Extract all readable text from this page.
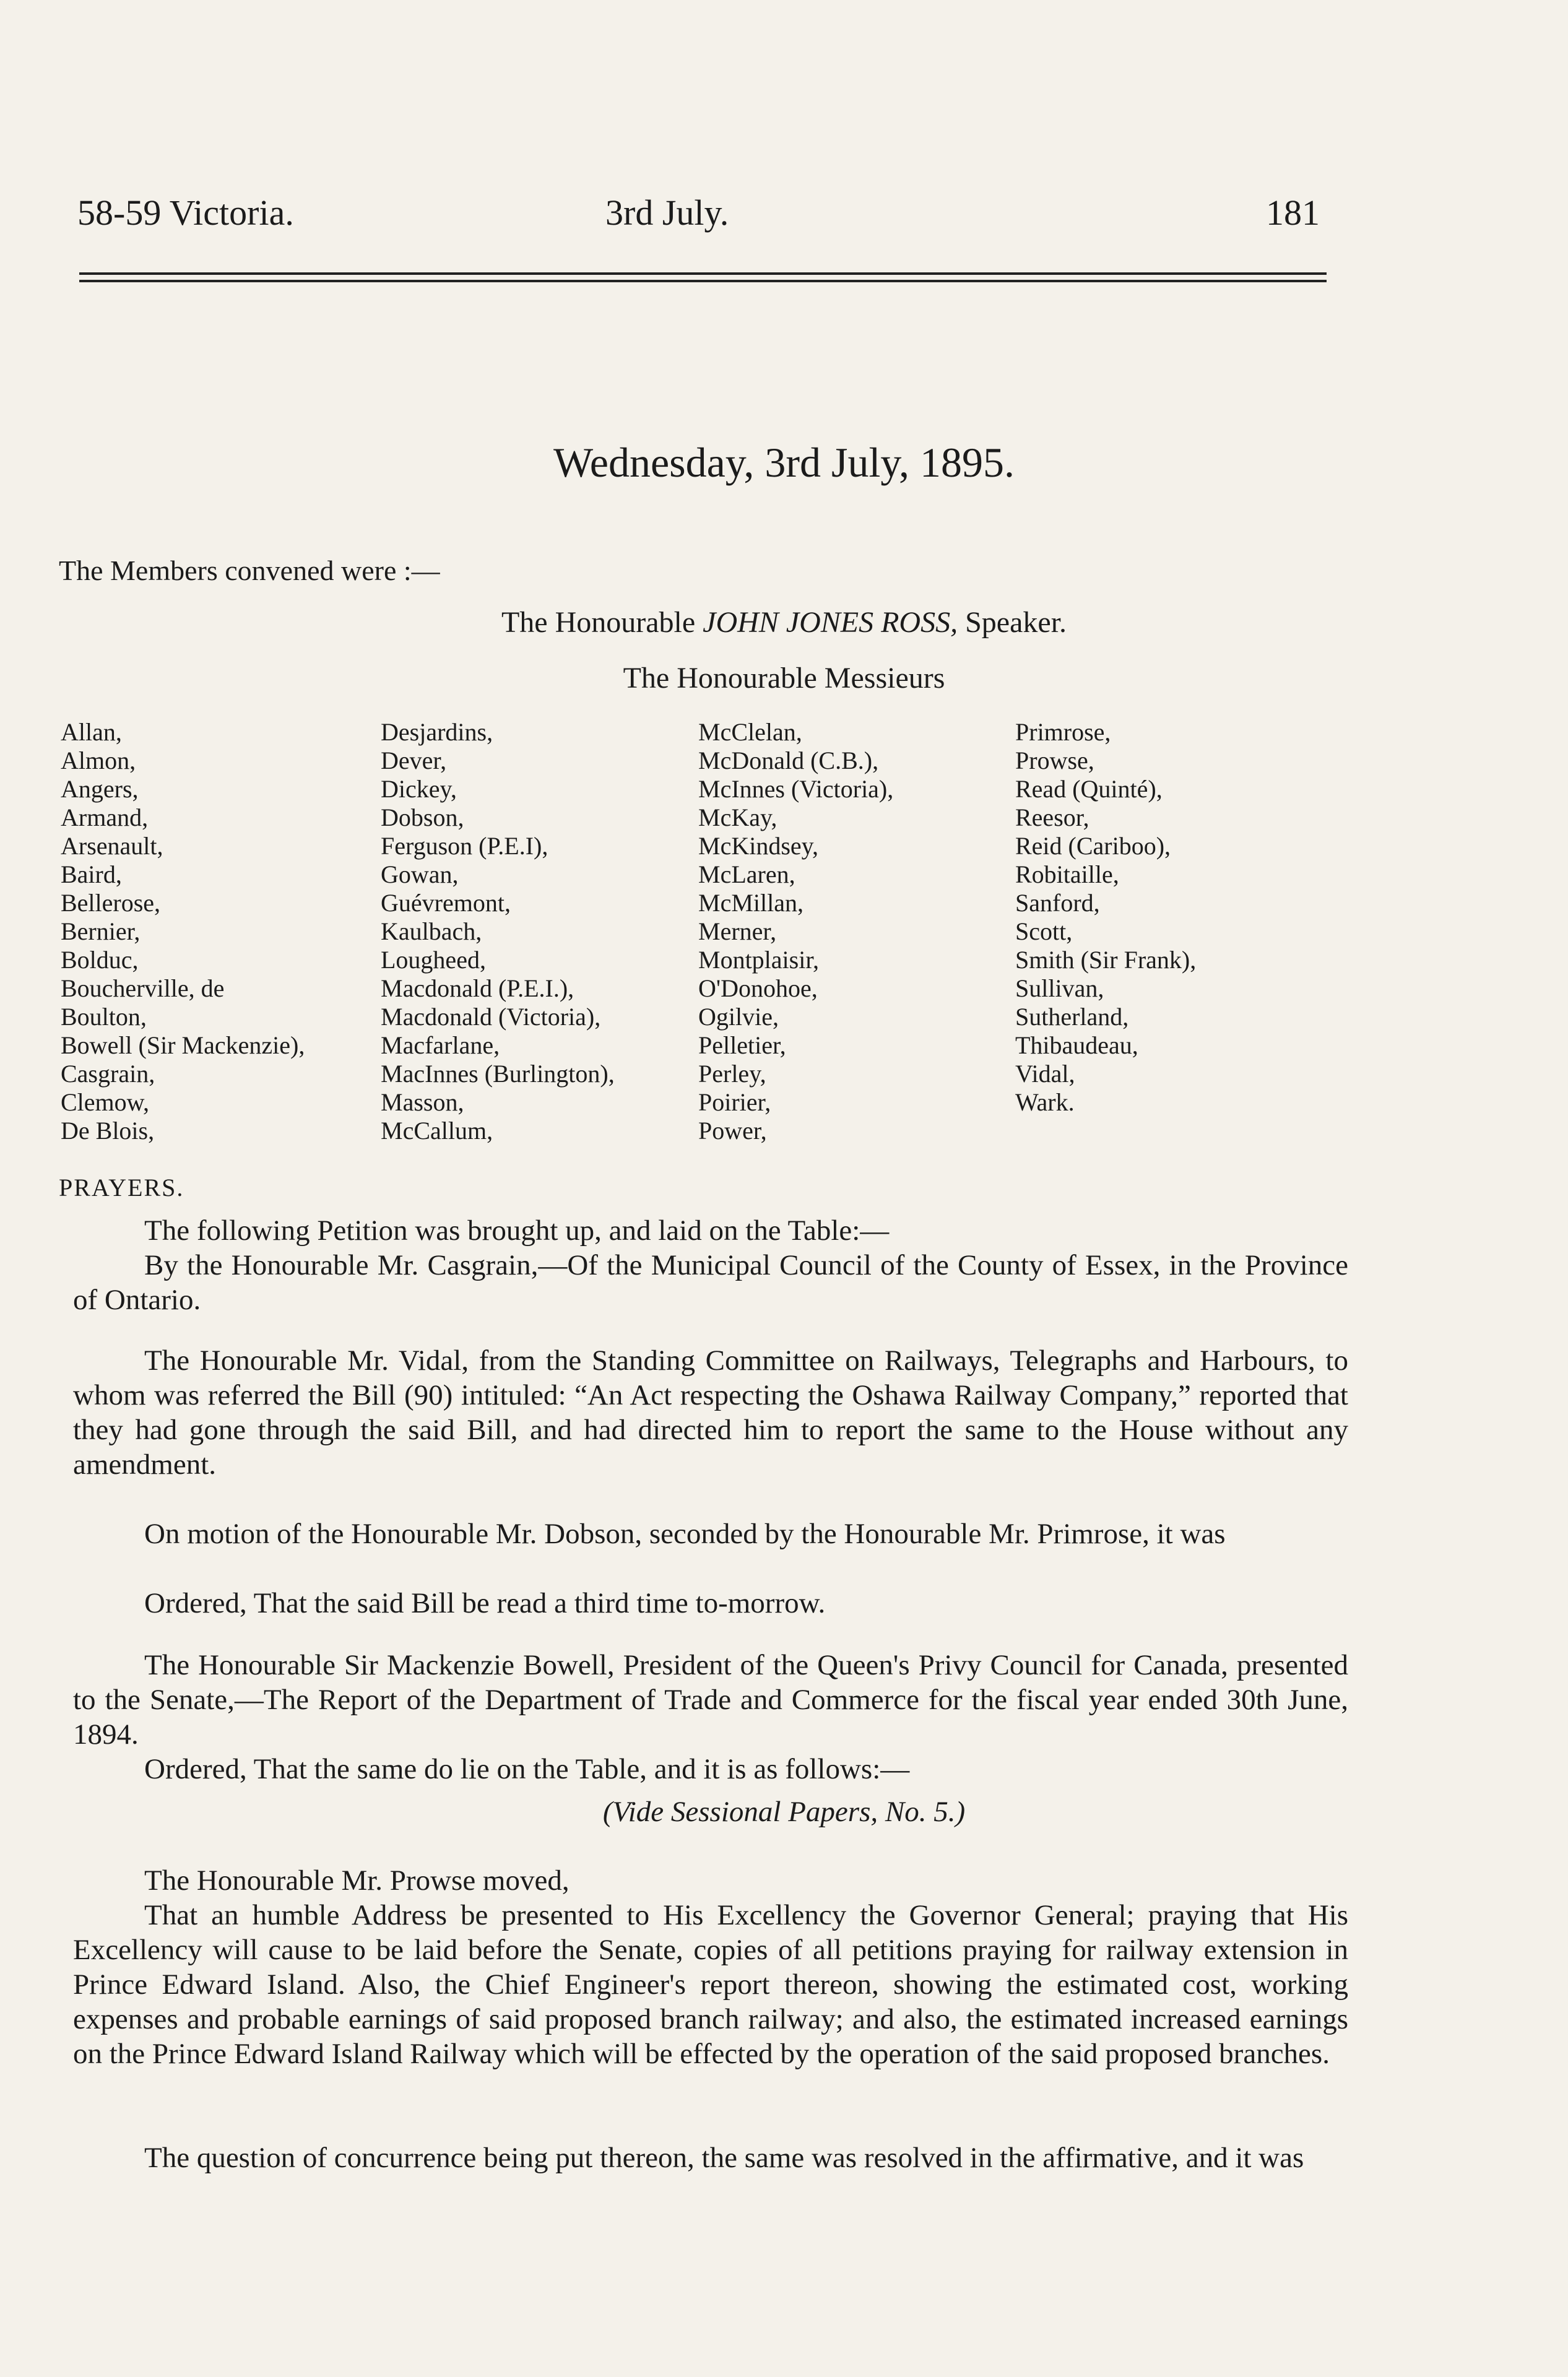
58-59 Victoria.	3rd July.	181
Wednesday, 3rd July, 1895.
The Members convened were :—
The Honourable JOHN JONES ROSS, Speaker.
The Honourable Messieurs
Allan,
Almon,
Angers,
Armand,
Arsenault,
Baird,
Bellerose,
Bernier,
Bolduc,
Boucherville, de
Boulton,
Bowell (Sir Mackenzie),
Casgrain,
Clemow,
De Blois,
Desjardins,
Dever,
Dickey,
Dobson,
Ferguson (P.E.I),
Gowan,
Guévremont,
Kaulbach,
Lougheed,
Macdonald (P.E.I.),
Macdonald (Victoria),
Macfarlane,
MacInnes (Burlington),
Masson,
McCallum,
McClelan,
McDonald (C.B.),
McInnes (Victoria),
McKay,
McKindsey,
McLaren,
McMillan,
Merner,
Montplaisir,
O'Donohoe,
Ogilvie,
Pelletier,
Perley,
Poirier,
Power,
Primrose,
Prowse,
Read (Quinté),
Reesor,
Reid (Cariboo),
Robitaille,
Sanford,
Scott,
Smith (Sir Frank),
Sullivan,
Sutherland,
Thibaudeau,
Vidal,
Wark.
PRAYERS.
The following Petition was brought up, and laid on the Table:—
By the Honourable Mr. Casgrain,—Of the Municipal Council of the County of Essex, in the Province of Ontario.
The Honourable Mr. Vidal, from the Standing Committee on Railways, Telegraphs and Harbours, to whom was referred the Bill (90) intituled: “An Act respecting the Oshawa Railway Company,” reported that they had gone through the said Bill, and had directed him to report the same to the House without any amendment.
On motion of the Honourable Mr. Dobson, seconded by the Honourable Mr. Primrose, it was
Ordered, That the said Bill be read a third time to-morrow.
The Honourable Sir Mackenzie Bowell, President of the Queen's Privy Council for Canada, presented to the Senate,—The Report of the Department of Trade and Commerce for the fiscal year ended 30th June, 1894.
Ordered, That the same do lie on the Table, and it is as follows:—
(Vide Sessional Papers, No. 5.)
The Honourable Mr. Prowse moved,
That an humble Address be presented to His Excellency the Governor General; praying that His Excellency will cause to be laid before the Senate, copies of all petitions praying for railway extension in Prince Edward Island. Also, the Chief Engineer's report thereon, showing the estimated cost, working expenses and probable earnings of said proposed branch railway; and also, the estimated increased earnings on the Prince Edward Island Railway which will be effected by the operation of the said proposed branches.
The question of concurrence being put thereon, the same was resolved in the affirmative, and it was
